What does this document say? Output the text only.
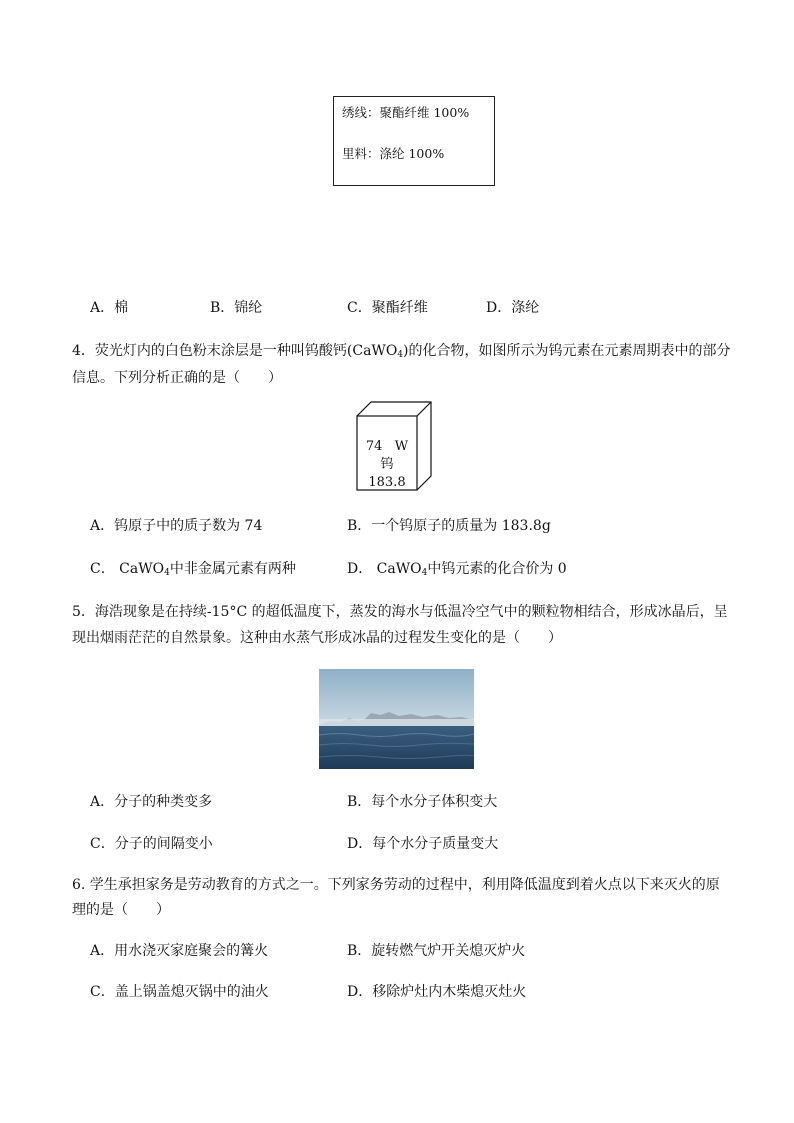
绣线：聚酯纤维 100%
里料：涤纶 100%
A．棉	B．锦纶	C．聚酯纤维	D．涤纶
4．荧光灯内的白色粉末涂层是一种叫钨酸钙(CaWO$_4$)的化合物，如图所示为钨元素在元素周期表中的部分
信息。下列分析正确的是（　　）
74 W
钨
183.8
A．钨原子中的质子数为 74	B．一个钨原子的质量为 183.8g
C． CaWO$_4$中非金属元素有两种	D． CaWO$_4$中钨元素的化合价为 0
5．海浩现象是在持续-15°C 的超低温度下，蒸发的海水与低温冷空气中的颗粒物相结合，形成冰晶后，呈
现出烟雨茫茫的自然景象。这种由水蒸气形成冰晶的过程发生变化的是（　　）
A．分子的种类变多	B．每个水分子体积变大
C．分子的间隔变小	D．每个水分子质量变大
6. 学生承担家务是劳动教育的方式之一。下列家务劳动的过程中，利用降低温度到着火点以下来灭火的原
理的是（　　）
A．用水浇灭家庭聚会的篝火	B．旋转燃气炉开关熄灭炉火
C．盖上锅盖熄灭锅中的油火	D．移除炉灶内木柴熄灭灶火
